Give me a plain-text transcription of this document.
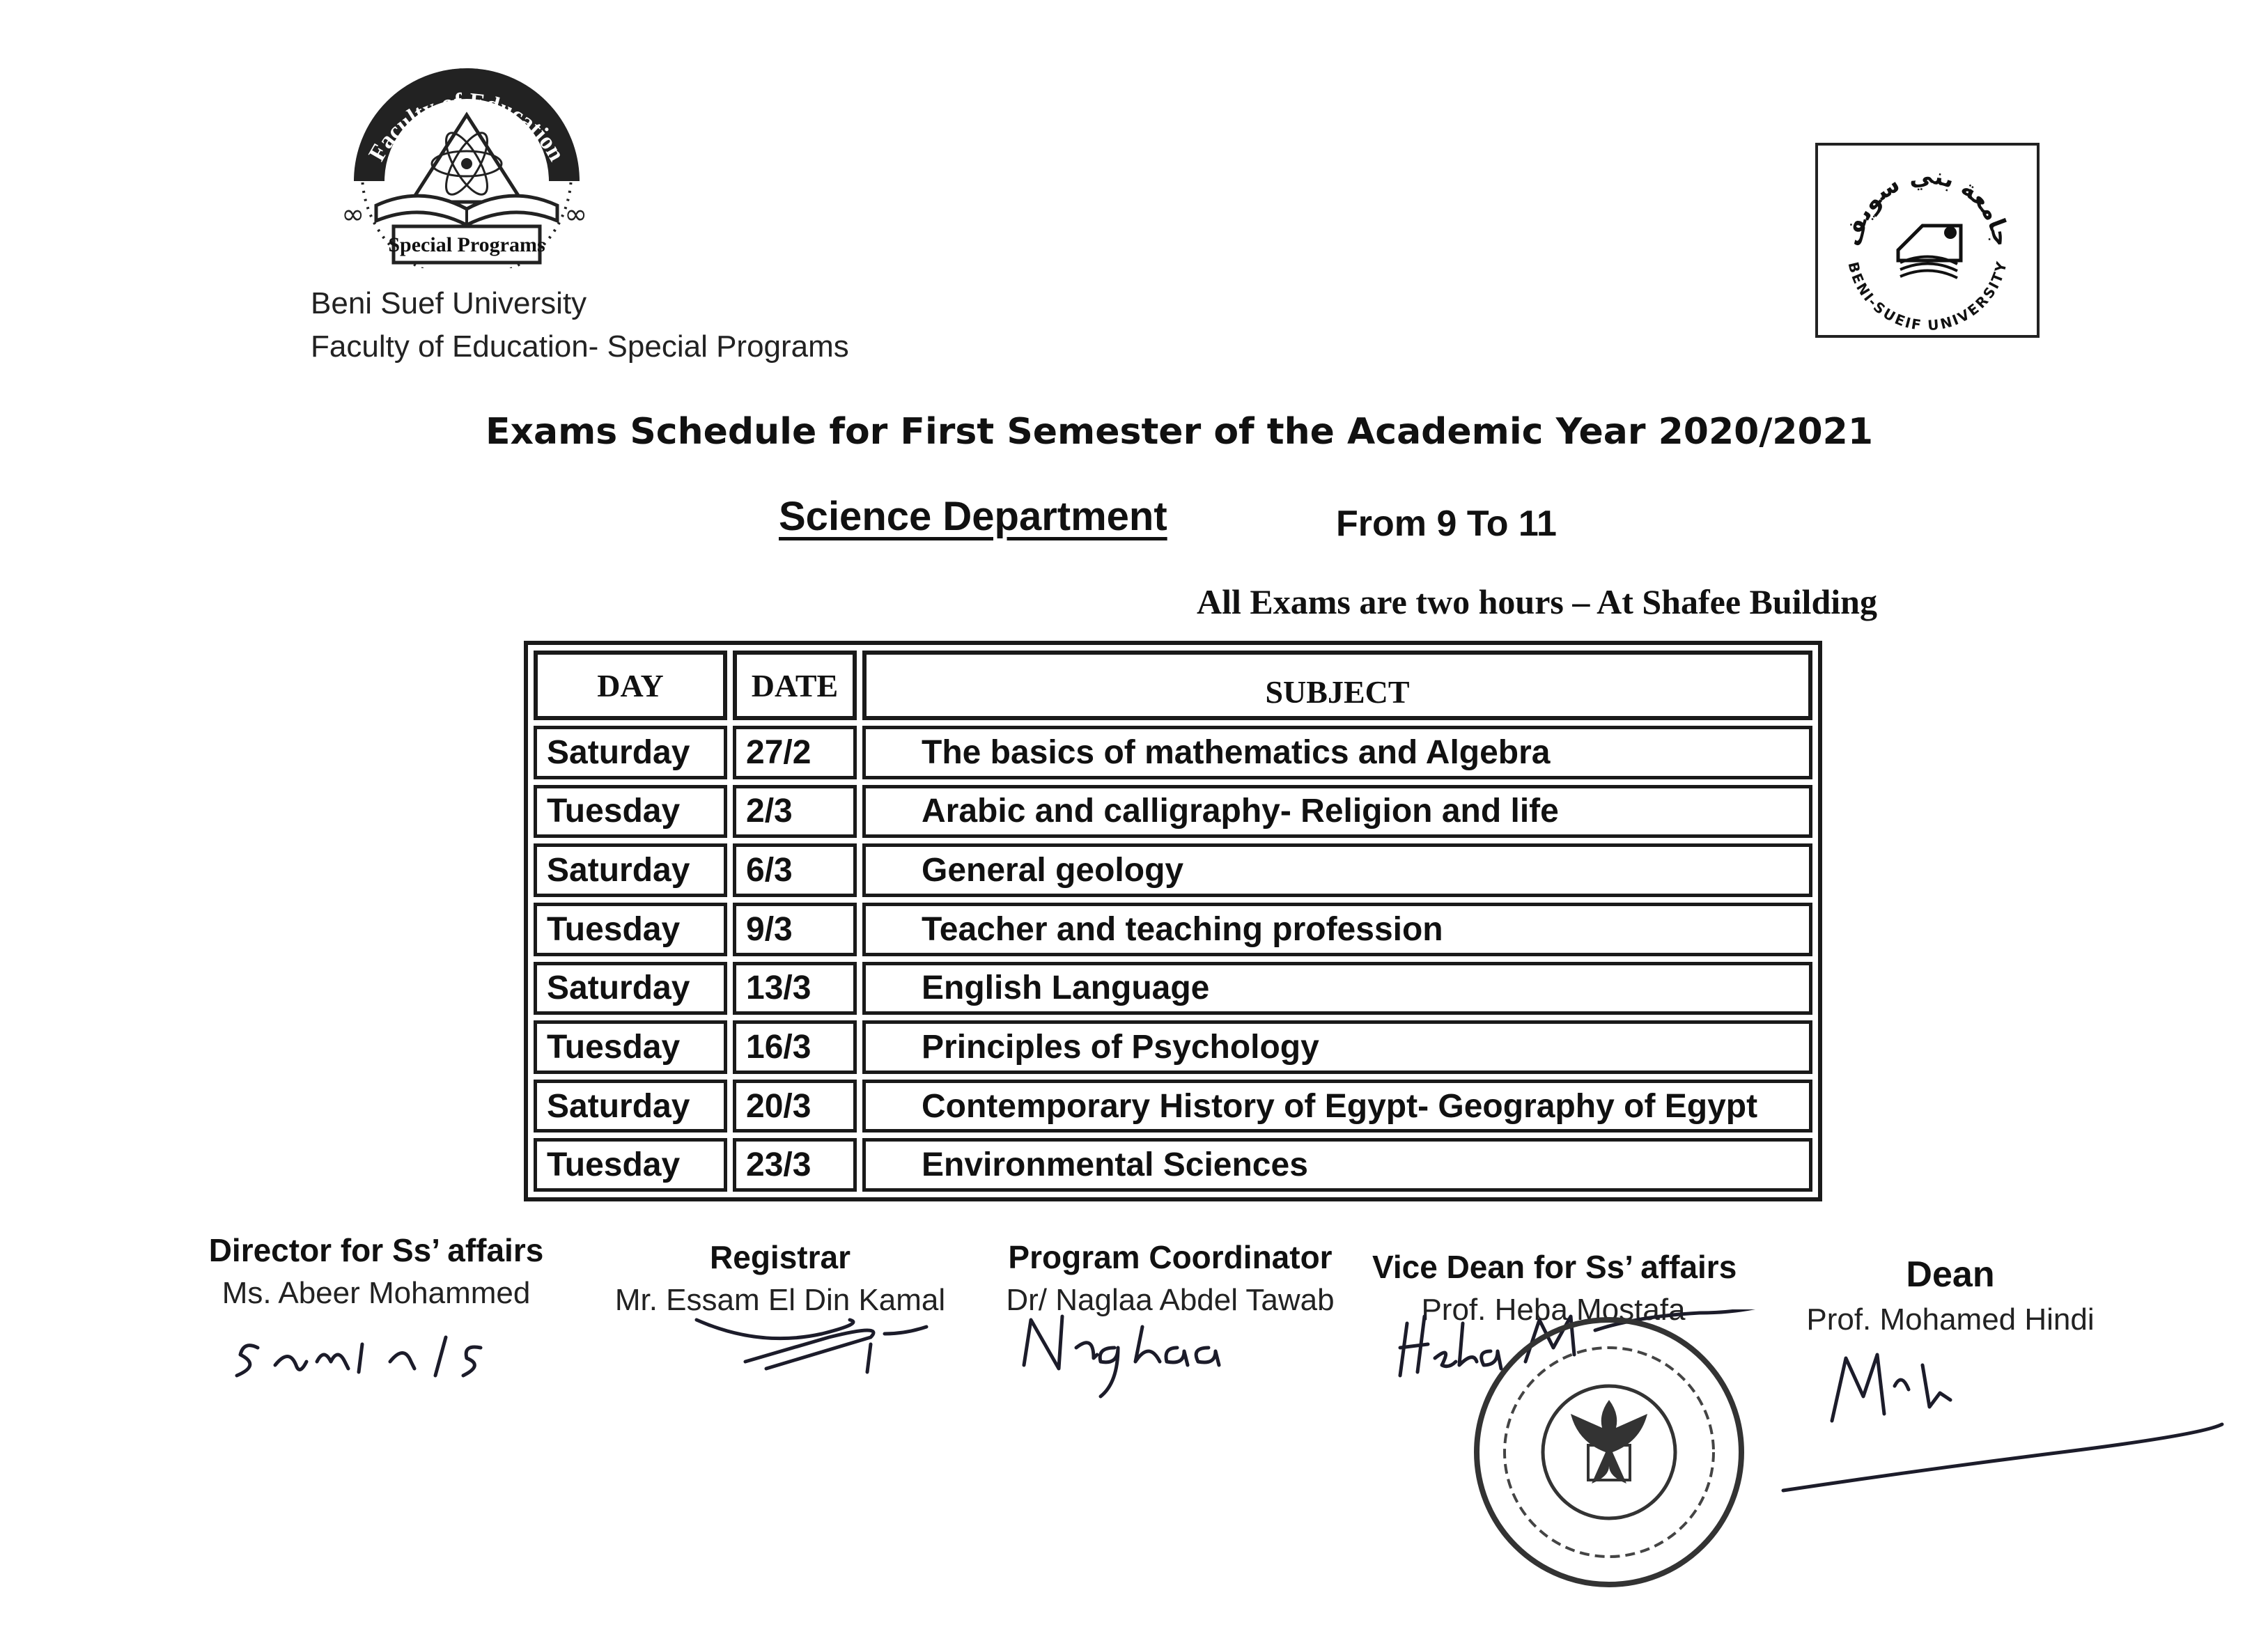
Faculty of Education
∞	∞
Special Programs
Beni Suef University
Faculty of Education- Special Programs
جامعة بني سويف
BENI-SUEIF UNIVERSITY
Exams Schedule for First Semester of the Academic Year 2020/2021
Science Department	From 9 To 11
All Exams are two hours – At Shafee Building
DAY	DATE	SUBJECT
Saturday	27/2	The basics of mathematics and Algebra
Tuesday	2/3	Arabic and calligraphy- Religion and life
Saturday	6/3	General geology
Tuesday	9/3	Teacher and teaching profession
Saturday	13/3	English Language
Tuesday	16/3	Principles of Psychology
Saturday	20/3	Contemporary History of Egypt- Geography of Egypt
Tuesday	23/3	Environmental Sciences
Director for Ss’ affairs
Ms. Abeer Mohammed
Registrar
Mr. Essam El Din Kamal
Program Coordinator
Dr/ Naglaa Abdel Tawab
Vice Dean for Ss’ affairs
Prof. Heba Mostafa
Dean
Prof. Mohamed Hindi
